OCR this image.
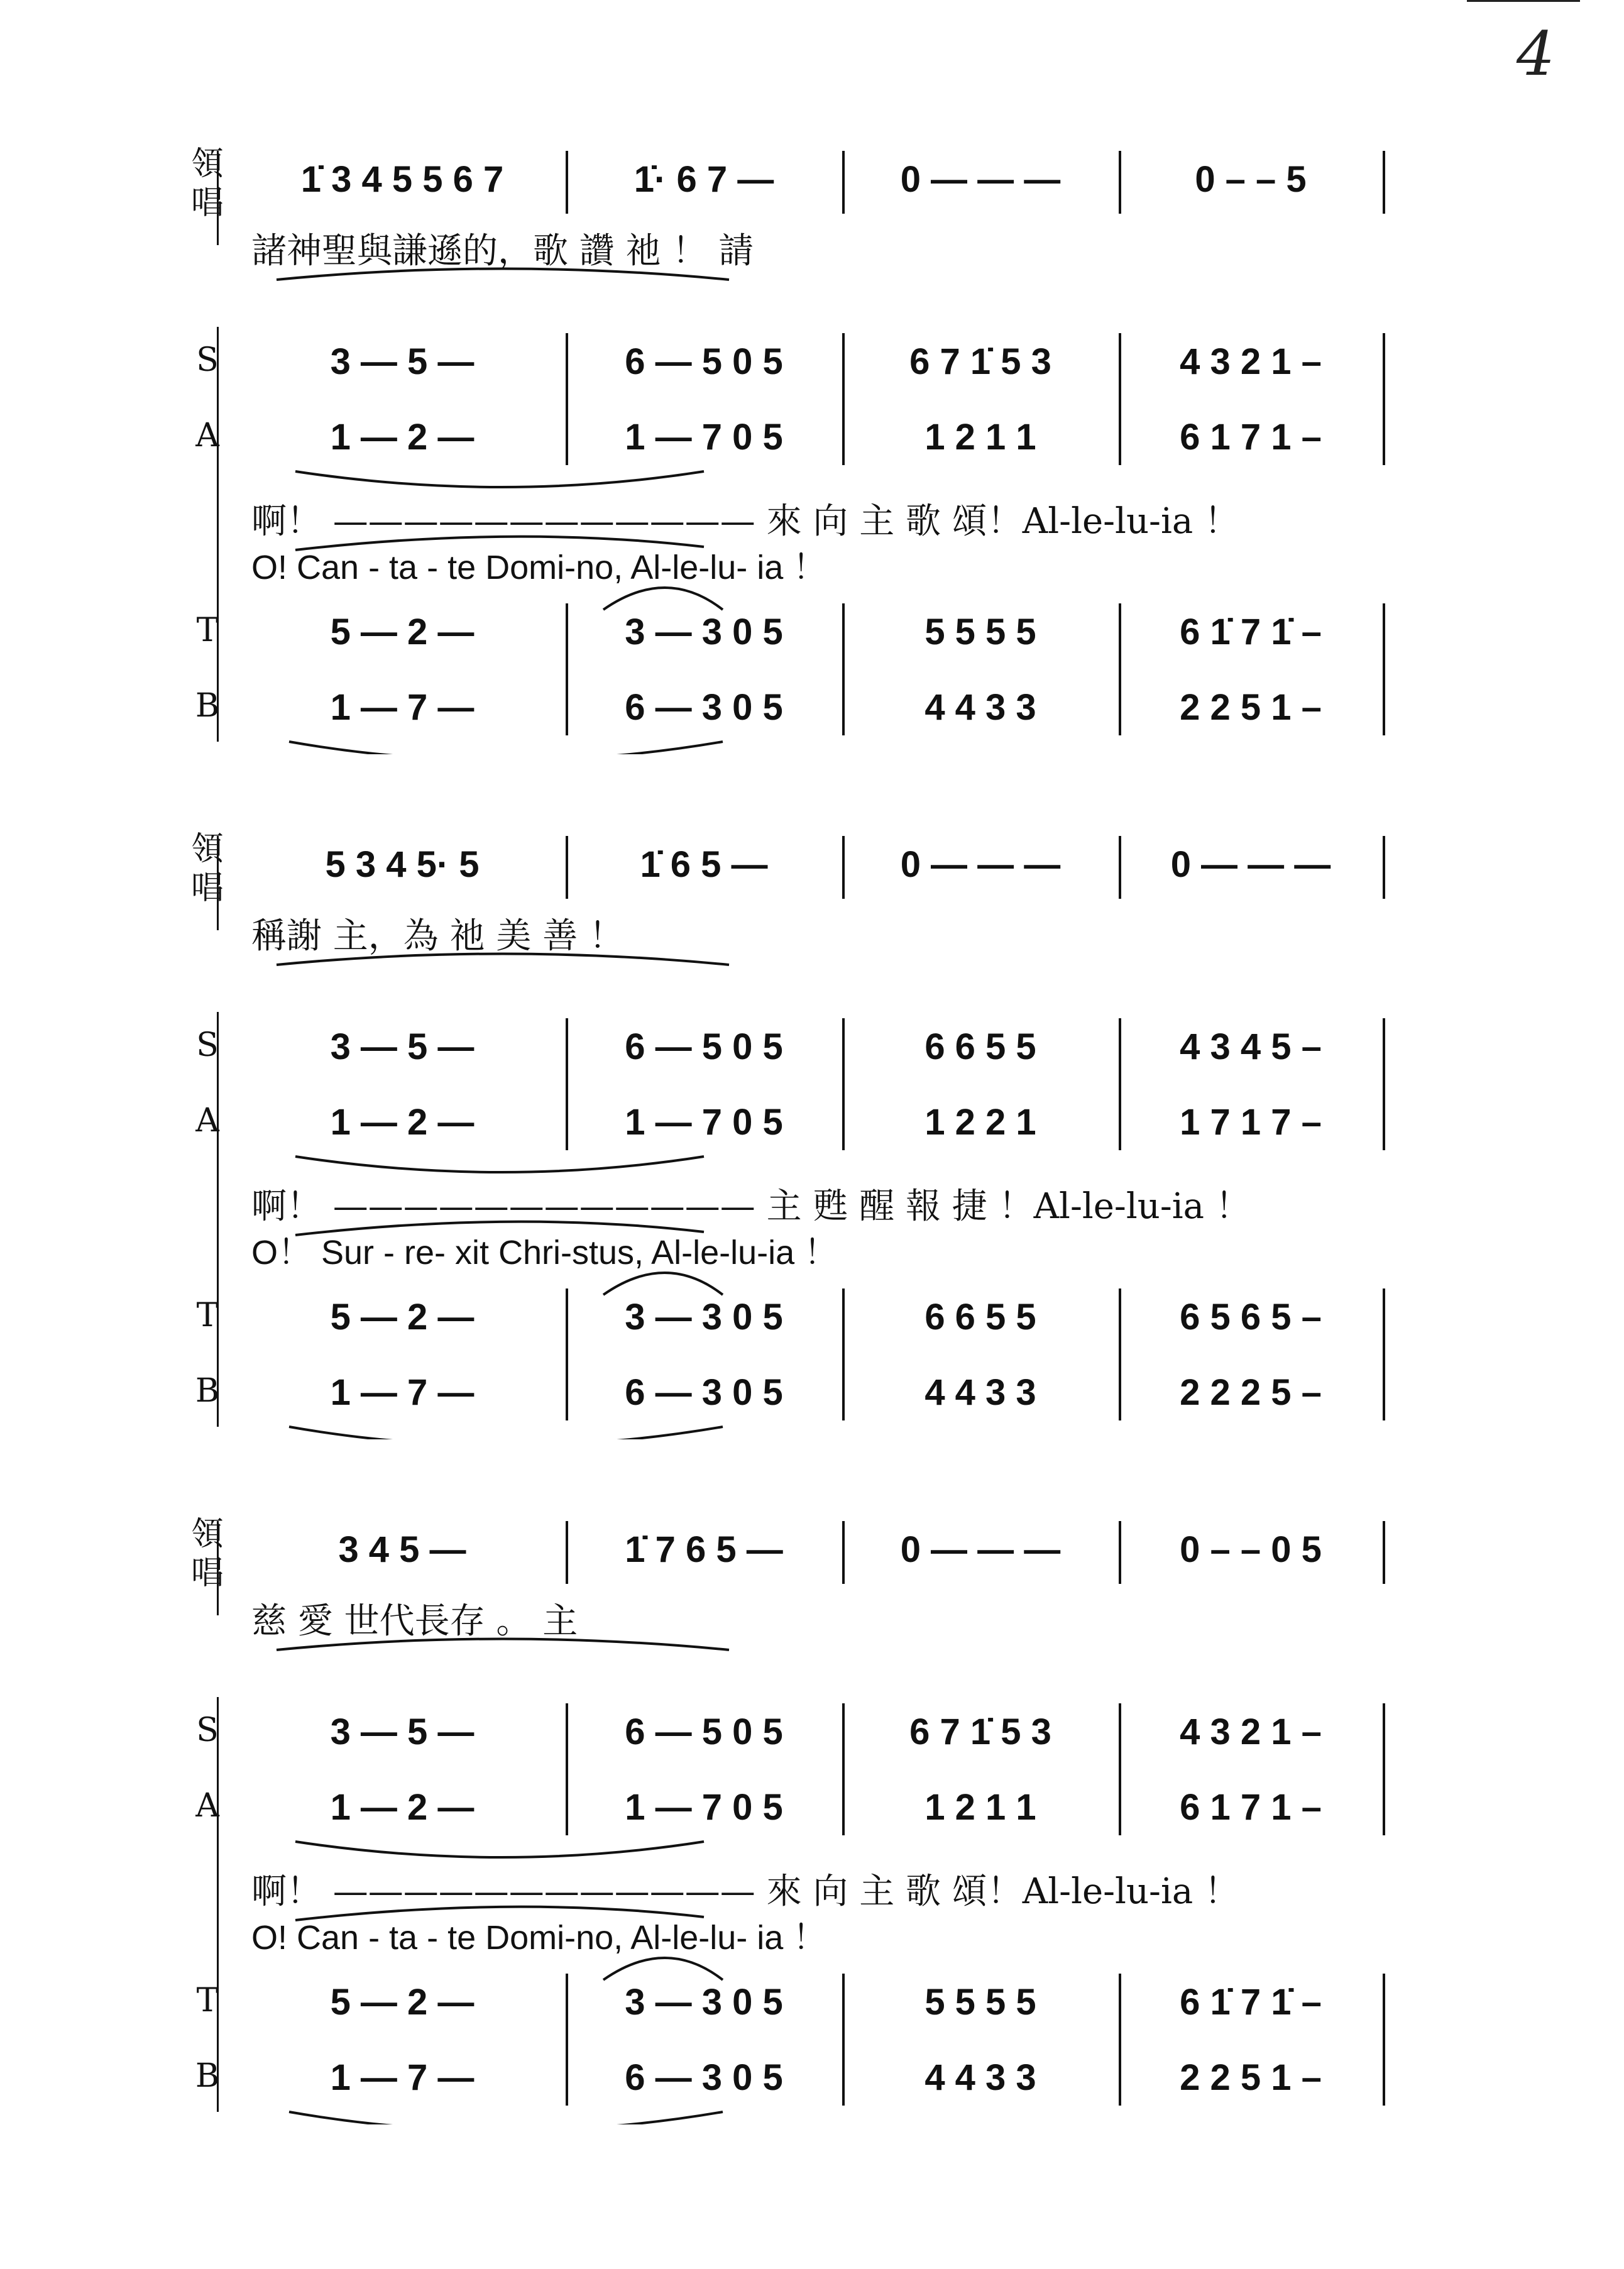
4
領唱
S
A
T
B
1̇ 3 4 5 5 6 7	1̇· 6 7 —	0 — — —	0 – – 5
3 — 5 —	6 — 5 0 5	6 7 1̇ 5 3	4 3 2 1 –
1 — 2 —	1 — 7 0 5	1 2 1 1	6 1 7 1 –
5 — 2 —	3 — 3 0 5	5 5 5 5	6 1̇ 7 1̇ –
1 — 7 —	6 — 3 0 5	4 4 3 3	2 2 5 1 –
諸神聖與謙遜的，歌 讚 祂 ！ 請
啊！ ———————————— 來 向 主 歌 頌！Al-le-lu-ia ！
O! Can - ta - te Domi-no, Al-le-lu- ia ！
領唱
S
A
T
B
5 3 4 5· 5	1̇ 6 5 —	0 — — —	0 — — —
3 — 5 —	6 — 5 0 5	6 6 5 5	4 3 4 5 –
1 — 2 —	1 — 7 0 5	1 2 2 1	1 7 1 7 –
5 — 2 —	3 — 3 0 5	6 6 5 5	6 5 6 5 –
1 — 7 —	6 — 3 0 5	4 4 3 3	2 2 2 5 –
稱謝 主，為 祂 美 善 ！
啊！ ———————————— 主 甦 醒 報 捷 ！Al-le-lu-ia ！
O！ Sur - re- xit Chri-stus, Al-le-lu-ia ！
領唱
S
A
T
B
3 4 5 —	1̇ 7 6 5 —	0 — — —	0 – – 0 5
3 — 5 —	6 — 5 0 5	6 7 1̇ 5 3	4 3 2 1 –
1 — 2 —	1 — 7 0 5	1 2 1 1	6 1 7 1 –
5 — 2 —	3 — 3 0 5	5 5 5 5	6 1̇ 7 1̇ –
1 — 7 —	6 — 3 0 5	4 4 3 3	2 2 5 1 –
慈 愛 世代長存 。 主
啊！ ———————————— 來 向 主 歌 頌！Al-le-lu-ia ！
O! Can - ta - te Domi-no, Al-le-lu- ia ！
